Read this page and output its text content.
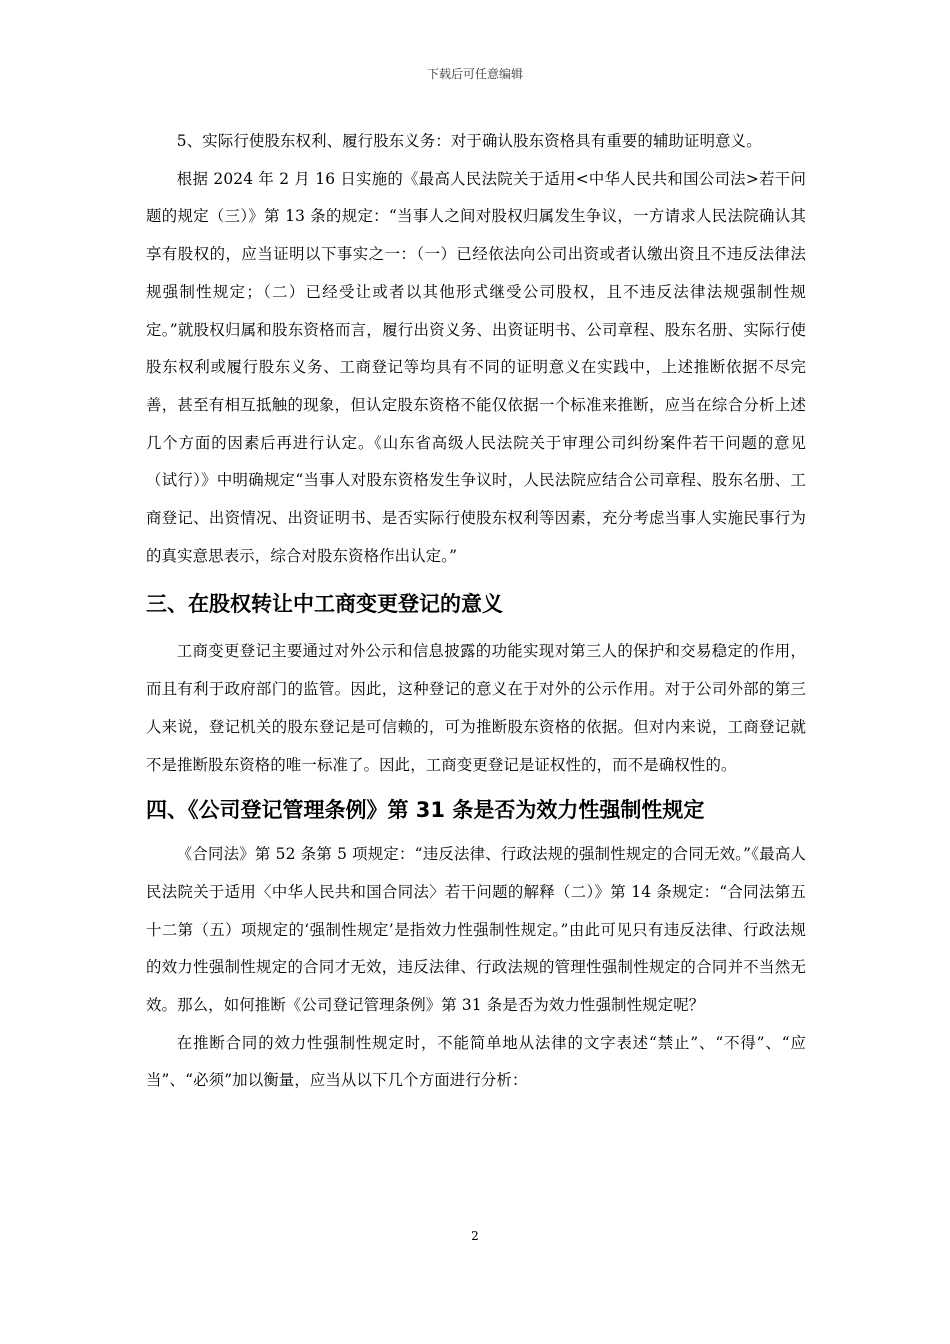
下载后可任意编辑

5、实际行使股东权利、履行股东义务：对于确认股东资格具有重要的辅助证明意义。

根据 2024 年 2 月 16 日实施的《最高人民法院关于适用<中华人民共和国公司法>若干问题的规定（三）》第 13 条的规定：“当事人之间对股权归属发生争议，一方请求人民法院确认其享有股权的，应当证明以下事实之一：（一）已经依法向公司出资或者认缴出资且不违反法律法规强制性规定；（二）已经受让或者以其他形式继受公司股权，且不违反法律法规强制性规定。”就股权归属和股东资格而言，履行出资义务、出资证明书、公司章程、股东名册、实际行使股东权利或履行股东义务、工商登记等均具有不同的证明意义在实践中，上述推断依据不尽完善，甚至有相互抵触的现象，但认定股东资格不能仅依据一个标准来推断，应当在综合分析上述几个方面的因素后再进行认定。《山东省高级人民法院关于审理公司纠纷案件若干问题的意见（试行）》中明确规定“当事人对股东资格发生争议时，人民法院应结合公司章程、股东名册、工商登记、出资情况、出资证明书、是否实际行使股东权利等因素，充分考虑当事人实施民事行为的真实意思表示，综合对股东资格作出认定。”

三、在股权转让中工商变更登记的意义

工商变更登记主要通过对外公示和信息披露的功能实现对第三人的保护和交易稳定的作用，而且有利于政府部门的监管。因此，这种登记的意义在于对外的公示作用。对于公司外部的第三人来说，登记机关的股东登记是可信赖的，可为推断股东资格的依据。但对内来说，工商登记就不是推断股东资格的唯一标准了。因此，工商变更登记是证权性的，而不是确权性的。

四、《公司登记管理条例》第 31 条是否为效力性强制性规定

《合同法》第 52 条第 5 项规定：“违反法律、行政法规的强制性规定的合同无效。”《最高人民法院关于适用〈中华人民共和国合同法〉若干问题的解释（二）》第 14 条规定：“合同法第五十二第（五）项规定的‘强制性规定’是指效力性强制性规定。”由此可见只有违反法律、行政法规的效力性强制性规定的合同才无效，违反法律、行政法规的管理性强制性规定的合同并不当然无效。那么，如何推断《公司登记管理条例》第 31 条是否为效力性强制性规定呢？

在推断合同的效力性强制性规定时，不能简单地从法律的文字表述“禁止”、“不得”、“应当”、“必须”加以衡量，应当从以下几个方面进行分析：

2
